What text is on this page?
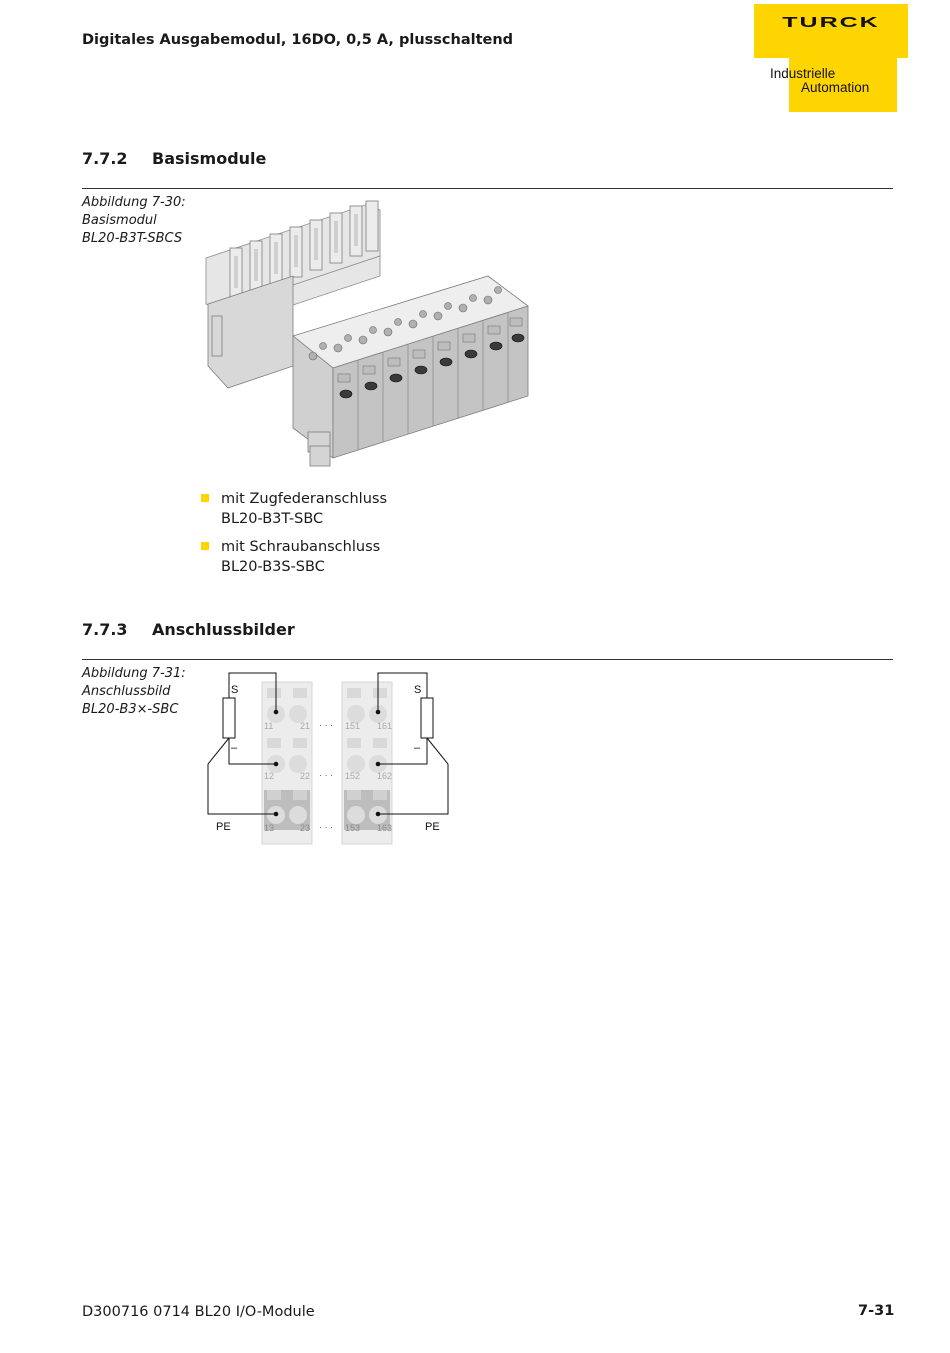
Digitales Ausgabemodul, 16DO, 0,5 A, plusschaltend
TURCK
Industrielle
Automation
7.7.2 Basismodule
Abbildung 7-30:
Basismodul
BL20-B3T-SBCS
mit Zugfederanschluss
BL20-B3T-SBC
mit Schraubanschluss
BL20-B3S-SBC
7.7.3 Anschlussbilder
Abbildung 7-31:
Anschlussbild
BL20-B3×-SBC
11	21
12	22
13	23
151 161
152 162
153 163
· · ·
· · ·
· · ·
S	S
–	–
PE	PE
D300716 0714 BL20 I/O-Module	7-31
